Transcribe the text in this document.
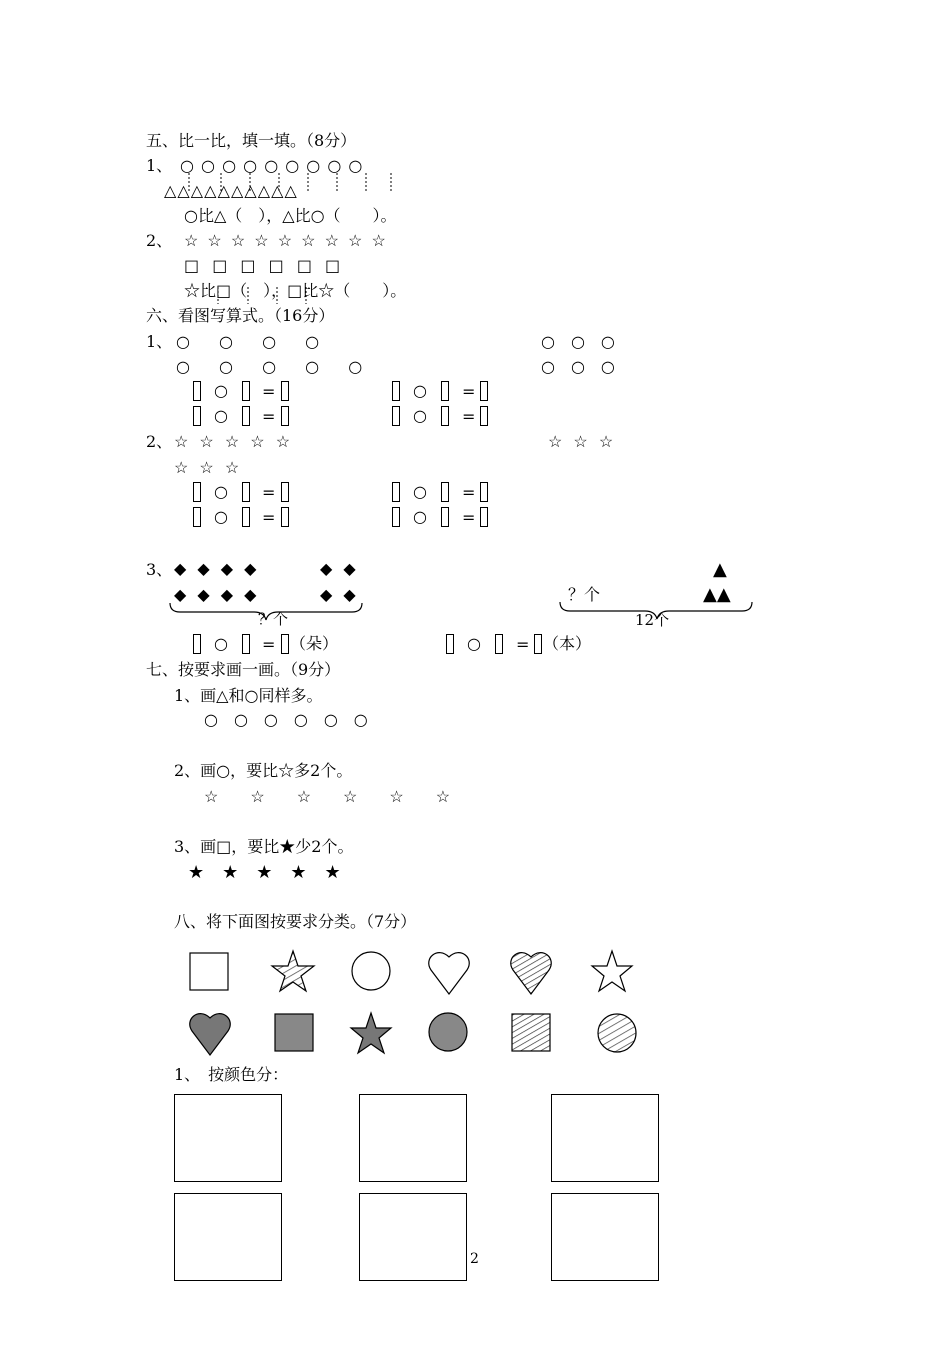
五、比一比，填一填。（8分）
1、 ○ ○ ○ ○ ○ ○ ○ ○ ○
△ △ △ △ △ △ △ △ △ △
○比△（　），△比○（　　）。
2、 ☆ ☆ ☆ ☆ ☆ ☆ ☆ ☆ ☆
□ □ □ □ □ □
☆比□（　），□比☆（　　）。
六、看图写算式。（16分）
1、 ○　 ○　 ○　 ○
○　 ○　 ○　 ○　 ○
○　○　○
○　○　○
○ =
○ =
○ =
○ =
2、 ☆ ☆ ☆ ☆ ☆
☆ ☆ ☆
☆ ☆ ☆
○ =
○ =
○ =
○ =
3、 ◆ ◆ ◆ ◆	◆ ◆
◆ ◆ ◆ ◆	◆ ◆
？个
？个
▲
▲▲
12个
○ = （朵）	○ = （本）
七、按要求画一画。（9分）
1、画△和○同样多。
○　○　○　○　○　○
2、画○，要比☆多2个。
☆　　☆　　☆　　☆　　☆　　☆
3、画□，要比★少2个。
★　★　★　★　★
八、将下面图按要求分类。（7分）
1、　按颜色分：
2
